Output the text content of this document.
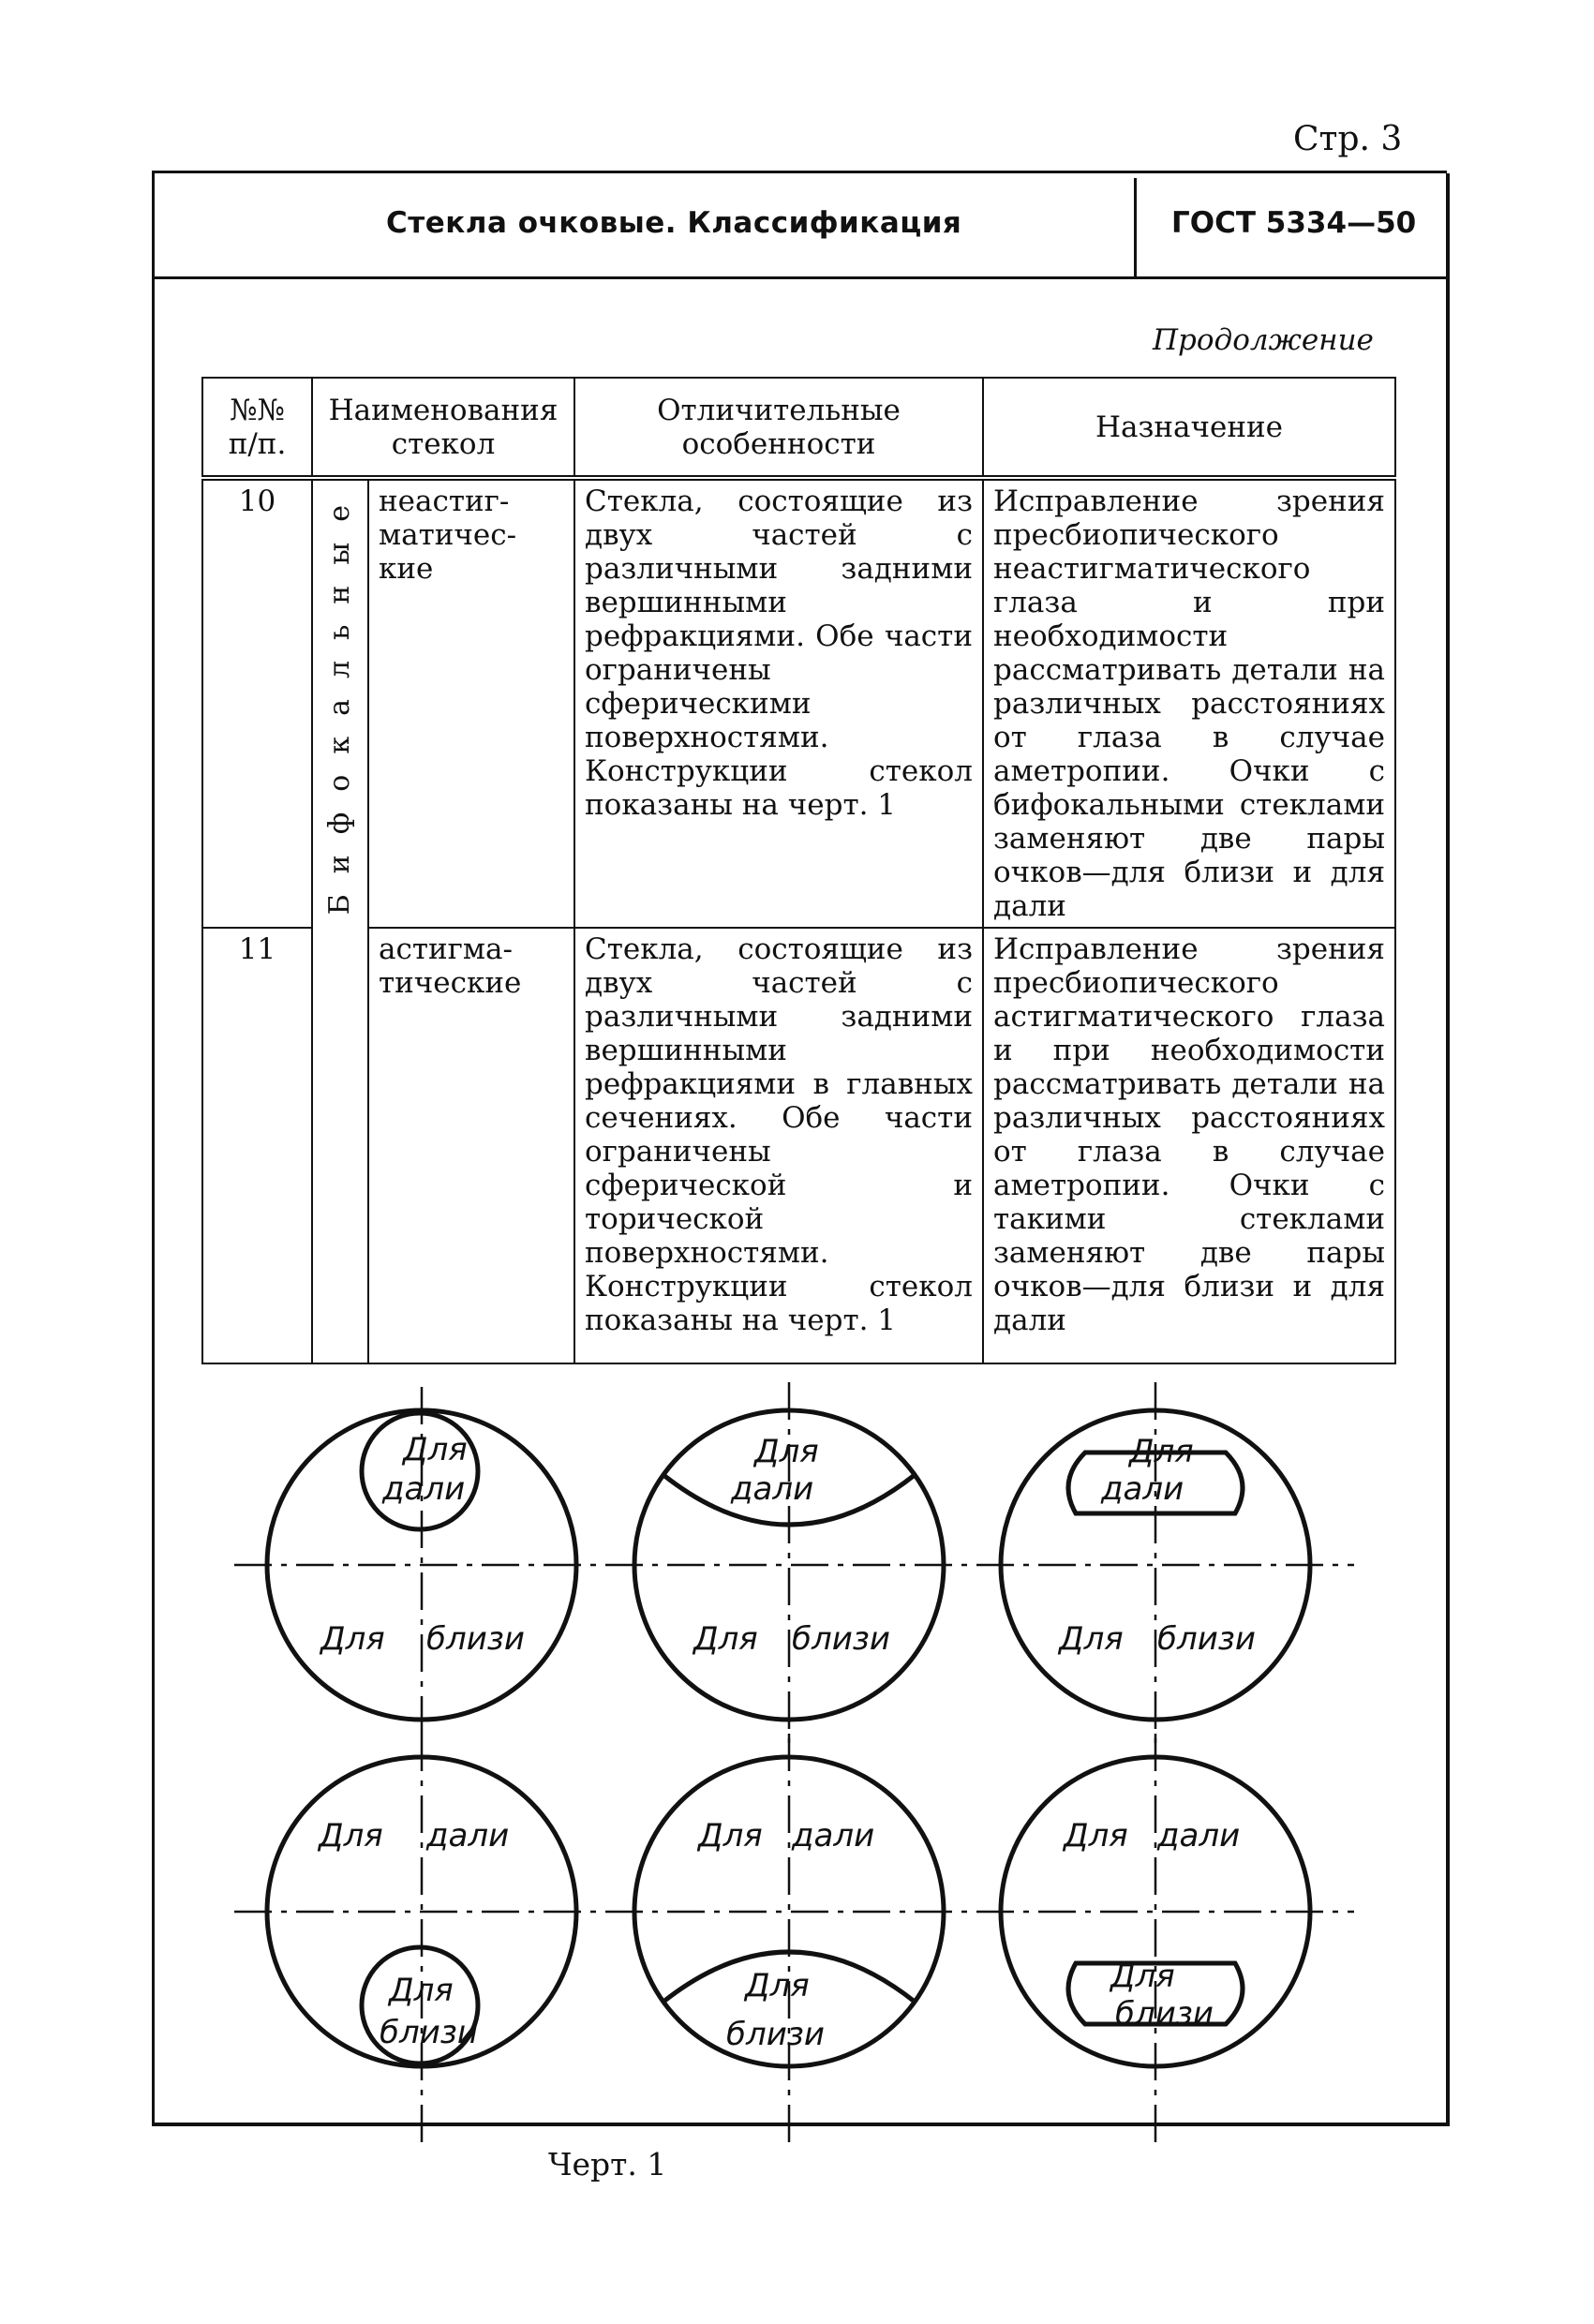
Стр. 3
Стекла очковые. Классификация	ГОСТ 5334—50
Продолжение
№№ п/п.	Наименования стекол		Отличительные особенности	Назначение
10	Бифокальные	неастиг-матичес-кие	Стекла, состоящие из двух частей с различными задними вершинными рефракциями. Обе части ограничены сферическими поверхностями. Конструкции стекол показаны на черт. 1	Исправление зрения пресбиопического неастигматического глаза и при необходимости рассматривать детали на различных расстояниях от глаза в случае аметропии. Очки с бифокальными стеклами заменяют две пары очков—для близи и для дали
11		астигма-тические	Стекла, состоящие из двух частей с различными задними вершинными рефракциями в главных сечениях. Обе части ограничены сферической и торической поверхностями. Конструкции стекол показаны на черт. 1	Исправление зрения пресбиопического астигматического глаза и при необходимости рассматривать детали на различных расстояниях от глаза в случае аметропии. Очки с такими стеклами заменяют две пары очков—для близи и для дали
Для
дали
Для близи
Для
дали
Для близи
Для
дали
Для близи
Для дали
Для
близи
Для дали
Для
близи
Для дали
Для
близи
Черт. 1
